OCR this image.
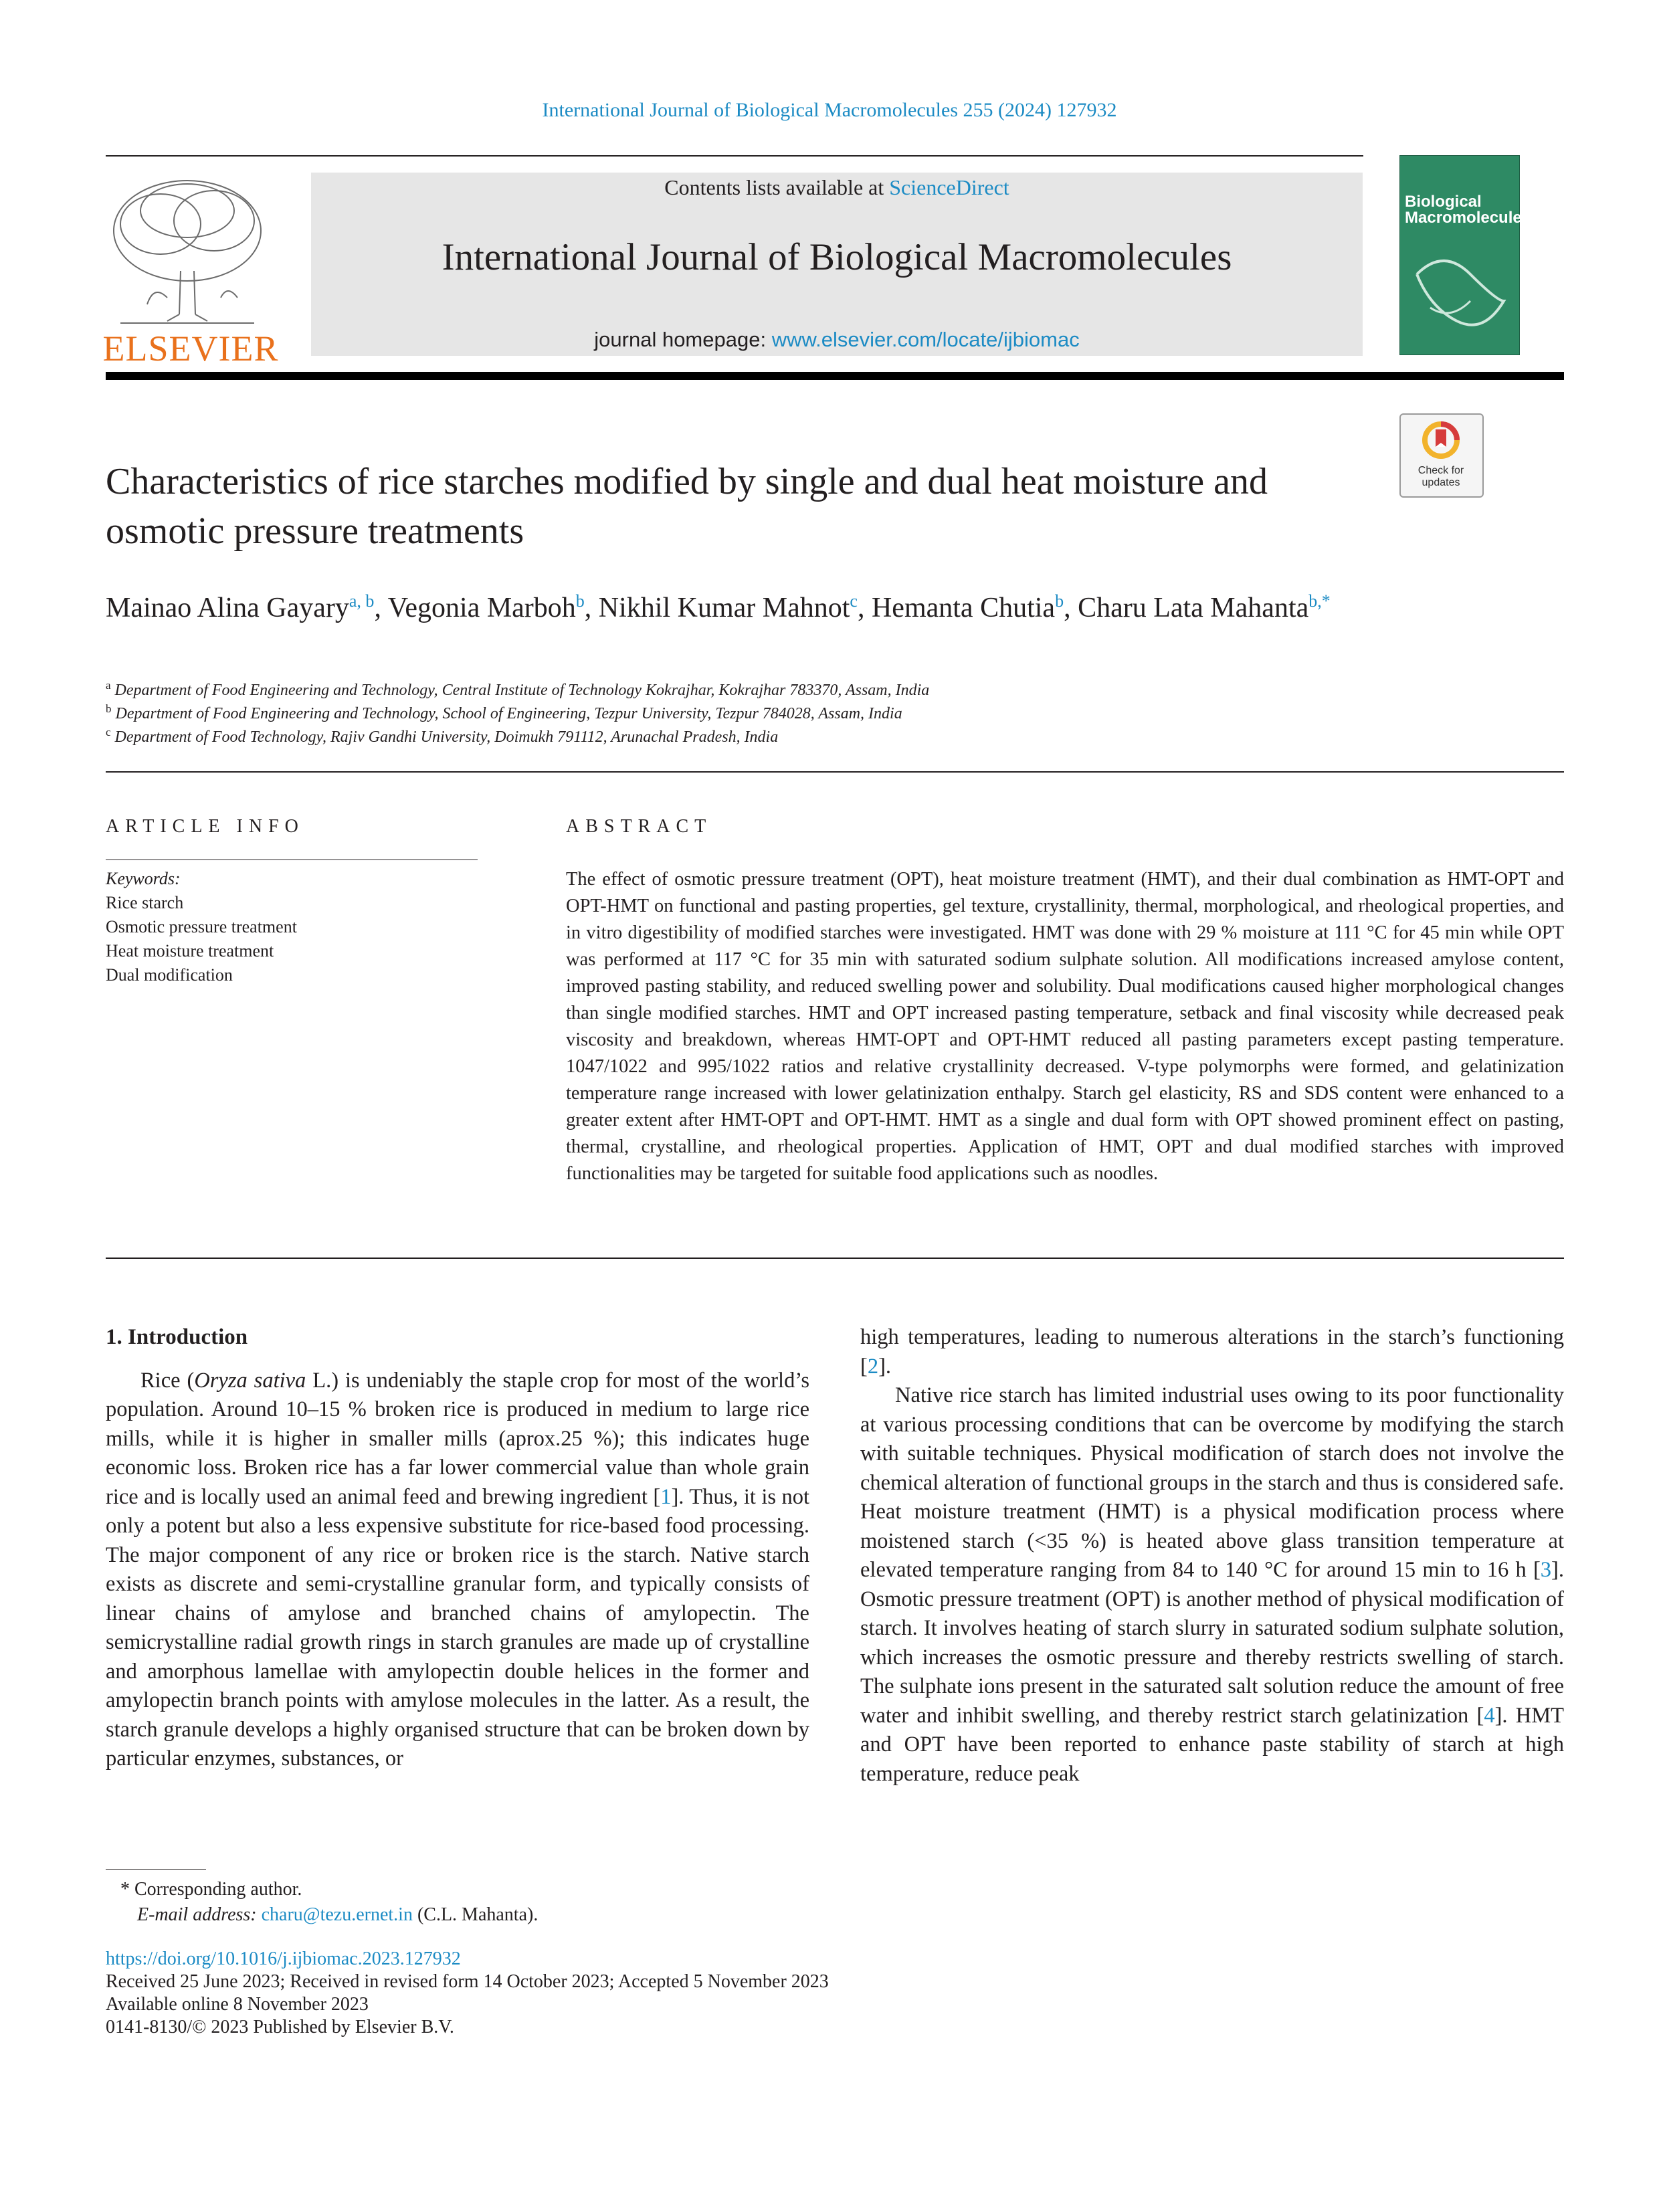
International Journal of Biological Macromolecules 255 (2024) 127932
ELSEVIER
Contents lists available at ScienceDirect
International Journal of Biological Macromolecules
journal homepage: www.elsevier.com/locate/ijbiomac
Biological
Macromolecules
Characteristics of rice starches modified by single and dual heat moisture and osmotic pressure treatments
Check for
updates
Mainao Alina Gayary$^{a, b}$, Vegonia Marboh$^b$, Nikhil Kumar Mahnot$^c$, Hemanta Chutia$^b$, Charu Lata Mahanta$^{b,*}$
$^a$ Department of Food Engineering and Technology, Central Institute of Technology Kokrajhar, Kokrajhar 783370, Assam, India
$^b$ Department of Food Engineering and Technology, School of Engineering, Tezpur University, Tezpur 784028, Assam, India
$^c$ Department of Food Technology, Rajiv Gandhi University, Doimukh 791112, Arunachal Pradesh, India
ARTICLE INFO
Keywords:
Rice starch
Osmotic pressure treatment
Heat moisture treatment
Dual modification
ABSTRACT
The effect of osmotic pressure treatment (OPT), heat moisture treatment (HMT), and their dual combination as HMT-OPT and OPT-HMT on functional and pasting properties, gel texture, crystallinity, thermal, morphological, and rheological properties, and in vitro digestibility of modified starches were investigated. HMT was done with 29 % moisture at 111 °C for 45 min while OPT was performed at 117 °C for 35 min with saturated sodium sulphate solution. All modifications increased amylose content, improved pasting stability, and reduced swelling power and solubility. Dual modifications caused higher morphological changes than single modified starches. HMT and OPT increased pasting temperature, setback and final viscosity while decreased peak viscosity and breakdown, whereas HMT-OPT and OPT-HMT reduced all pasting parameters except pasting temperature. 1047/1022 and 995/1022 ratios and relative crystallinity decreased. V-type polymorphs were formed, and gelatinization temperature range increased with lower gelatinization enthalpy. Starch gel elasticity, RS and SDS content were enhanced to a greater extent after HMT-OPT and OPT-HMT. HMT as a single and dual form with OPT showed prominent effect on pasting, thermal, crystalline, and rheological properties. Application of HMT, OPT and dual modified starches with improved functionalities may be targeted for suitable food applications such as noodles.

1. Introduction

Rice (Oryza sativa L.) is undeniably the staple crop for most of the world’s population. Around 10–15 % broken rice is produced in medium to large rice mills, while it is higher in smaller mills (aprox.25 %); this indicates huge economic loss. Broken rice has a far lower commercial value than whole grain rice and is locally used an animal feed and brewing ingredient [1]. Thus, it is not only a potent but also a less expensive substitute for rice-based food processing. The major component of any rice or broken rice is the starch. Native starch exists as discrete and semi-crystalline granular form, and typically consists of linear chains of amylose and branched chains of amylopectin. The semicrystalline radial growth rings in starch granules are made up of crystalline and amorphous lamellae with amylopectin double helices in the former and amylopectin branch points with amylose molecules in the latter. As a result, the starch granule develops a highly organised structure that can be broken down by particular enzymes, substances, or

high temperatures, leading to numerous alterations in the starch’s functioning [2].

Native rice starch has limited industrial uses owing to its poor functionality at various processing conditions that can be overcome by modifying the starch with suitable techniques. Physical modification of starch does not involve the chemical alteration of functional groups in the starch and thus is considered safe. Heat moisture treatment (HMT) is a physical modification process where moistened starch (<35 %) is heated above glass transition temperature at elevated temperature ranging from 84 to 140 °C for around 15 min to 16 h [3]. Osmotic pressure treatment (OPT) is another method of physical modification of starch. It involves heating of starch slurry in saturated sodium sulphate solution, which increases the osmotic pressure and thereby restricts swelling of starch. The sulphate ions present in the saturated salt solution reduce the amount of free water and inhibit swelling, and thereby restrict starch gelatinization [4]. HMT and OPT have been reported to enhance paste stability of starch at high temperature, reduce peak

* Corresponding author.
E-mail address: charu@tezu.ernet.in (C.L. Mahanta).
https://doi.org/10.1016/j.ijbiomac.2023.127932
Received 25 June 2023; Received in revised form 14 October 2023; Accepted 5 November 2023
Available online 8 November 2023
0141-8130/© 2023 Published by Elsevier B.V.
